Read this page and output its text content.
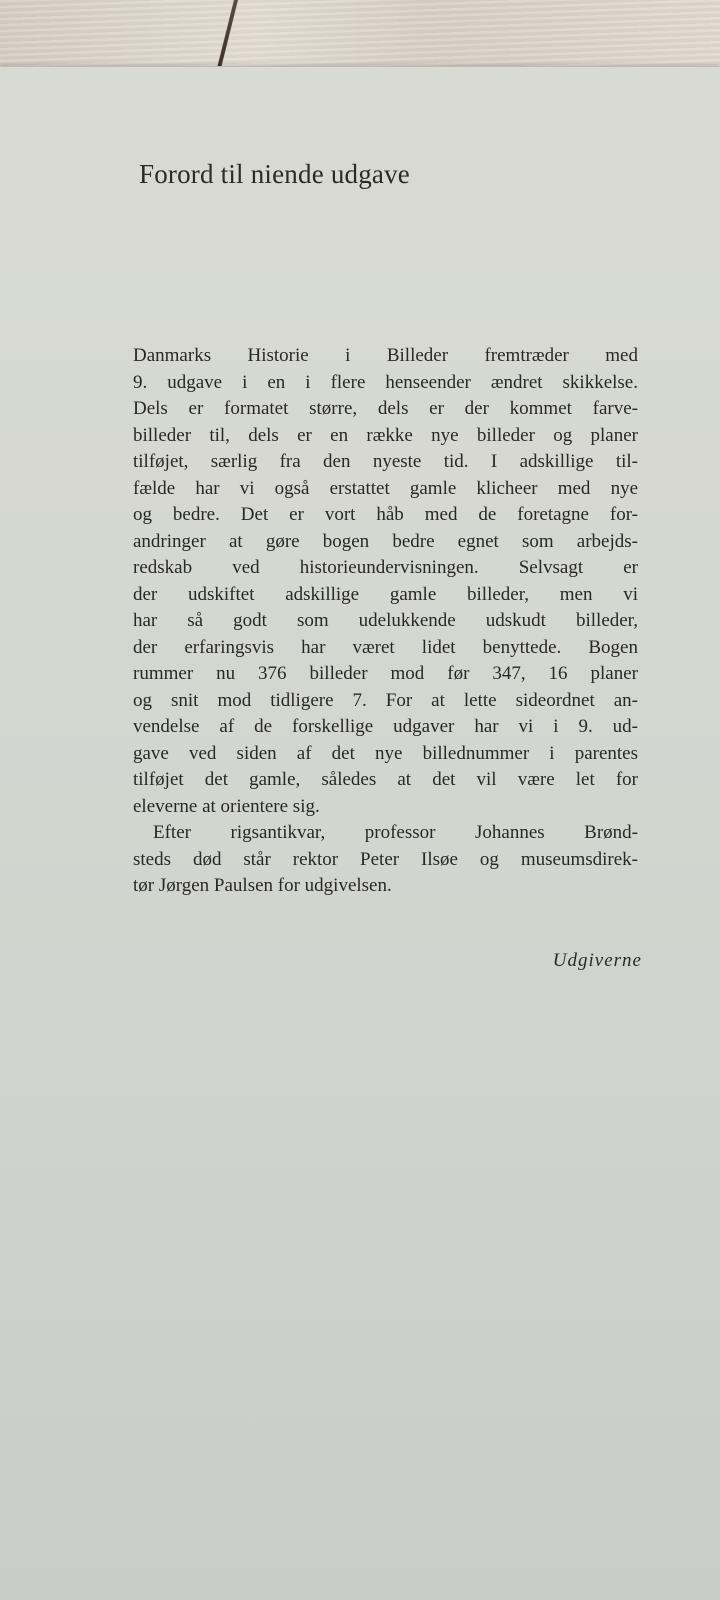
Forord til niende udgave
Danmarks Historie i Billeder fremtræder med
9. udgave i en i flere henseender ændret skikkelse.
Dels er formatet større, dels er der kommet farve-
billeder til, dels er en række nye billeder og planer
tilføjet, særlig fra den nyeste tid. I adskillige til-
fælde har vi også erstattet gamle klicheer med nye
og bedre. Det er vort håb med de foretagne for-
andringer at gøre bogen bedre egnet som arbejds-
redskab ved historieundervisningen. Selvsagt er
der udskiftet adskillige gamle billeder, men vi
har så godt som udelukkende udskudt billeder,
der erfaringsvis har været lidet benyttede. Bogen
rummer nu 376 billeder mod før 347, 16 planer
og snit mod tidligere 7. For at lette sideordnet an-
vendelse af de forskellige udgaver har vi i 9. ud-
gave ved siden af det nye billednummer i parentes
tilføjet det gamle, således at det vil være let for
eleverne at orientere sig.
Efter rigsantikvar, professor Johannes Brønd-
steds død står rektor Peter Ilsøe og museumsdirek-
tør Jørgen Paulsen for udgivelsen.

Udgiverne
